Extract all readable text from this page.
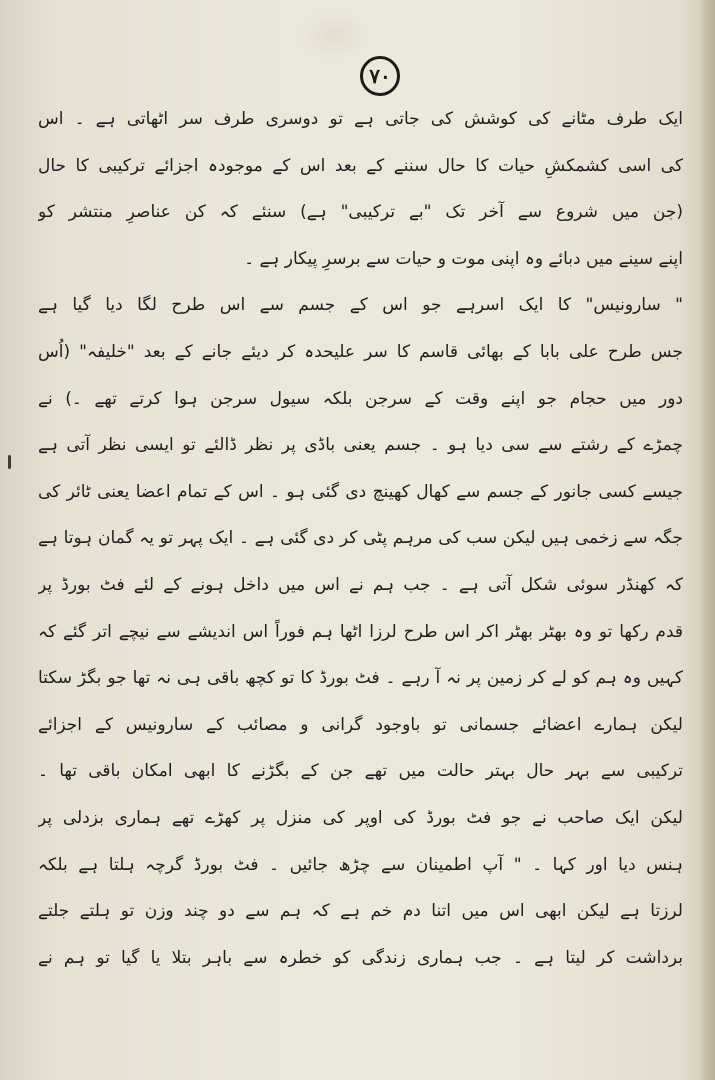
۷۰
ایک طرف مٹانے کی کوشش کی جاتی ہے تو دوسری طرف سر اٹھاتی ہے ۔ اس
کی اسی کشمکشِ حیات کا حال سننے کے بعد اس کے موجودہ اجزائے ترکیبی کا حال
(جن میں شروع سے آخر تک "بے ترکیبی" ہے) سنئے کہ کن عناصرِ منتشر کو
اپنے سینے میں دبائے وہ اپنی موت و حیات سے برسرِ پیکار ہے ۔
" سارونیس" کا ایک اسرہے جو اس کے جسم سے اس طرح لگا دیا گیا ہے
جس طرح علی بابا کے بھائی قاسم کا سر علیحدہ کر دیئے جانے کے بعد "خلیفہ" (اُس
دور میں حجام جو اپنے وقت کے سرجن بلکہ سیول سرجن ہوا کرتے تھے ۔) نے
چمڑے کے رشتے سے سی دیا ہو ۔ جسم یعنی باڈی پر نظر ڈالئے تو ایسی نظر آتی ہے
جیسے کسی جانور کے جسم سے کھال کھینچ دی گئی ہو ۔ اس کے تمام اعضا یعنی ٹائر کی
جگہ سے زخمی ہیں لیکن سب کی مرہم پٹی کر دی گئی ہے ۔ ایک پہر تو یہ گمان ہوتا ہے
کہ کھنڈر سوئی شکل آتی ہے ۔ جب ہم نے اس میں داخل ہونے کے لئے فٹ بورڈ پر
قدم رکھا تو وہ بھٹر بھٹر اکر اس طرح لرزا اٹھا ہم فوراً اس اندیشے سے نیچے اتر گئے کہ
کہیں وہ ہم کو لے کر زمین پر نہ آ رہے ۔ فٹ بورڈ کا تو کچھ باقی ہی نہ تھا جو بگڑ سکتا
لیکن ہمارے اعضائے جسمانی تو باوجود گرانی و مصائب کے سارونیس کے اجزائے
ترکیبی سے بہر حال بہتر حالت میں تھے جن کے بگڑنے کا ابھی امکان باقی تھا ۔
لیکن ایک صاحب نے جو فٹ بورڈ کی اوپر کی منزل پر کھڑے تھے ہماری بزدلی پر
ہنس دیا اور کہا ۔ " آپ اطمینان سے چڑھ جائیں ۔ فٹ بورڈ گرچہ ہلتا ہے بلکہ
لرزتا ہے لیکن ابھی اس میں اتنا دم خم ہے کہ ہم سے دو چند وزن تو ہلتے جلتے
برداشت کر لیتا ہے ۔ جب ہماری زندگی کو خطرہ سے باہر بتلا یا گیا تو ہم نے
